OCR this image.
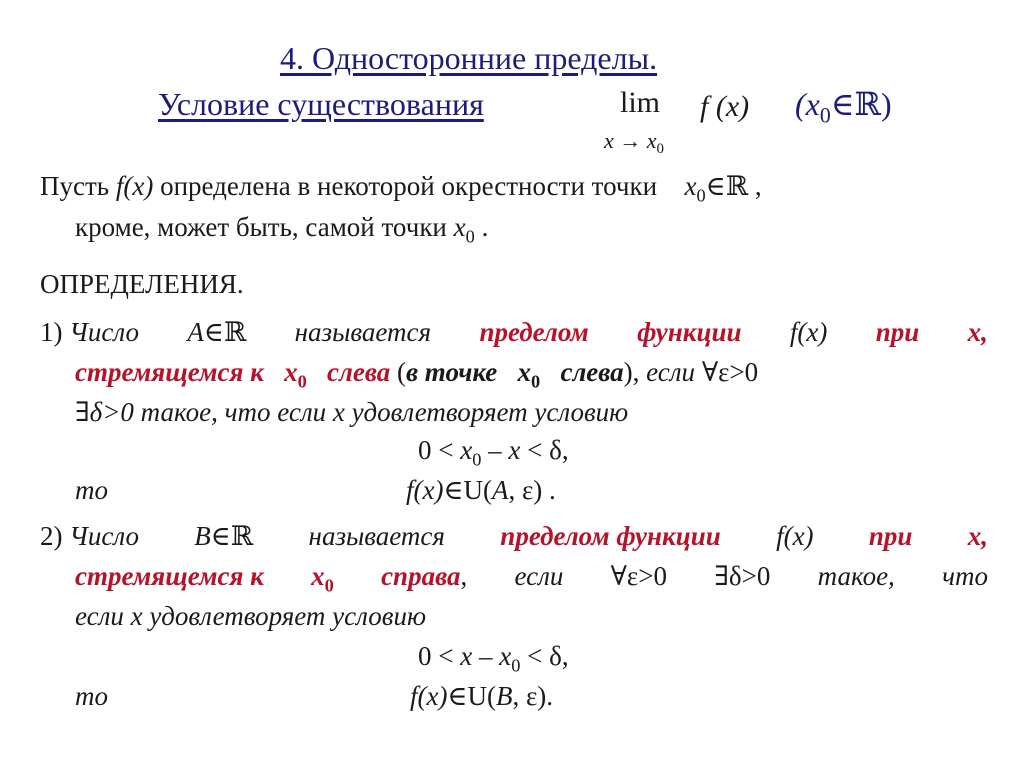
4. Односторонние пределы.
Условие существования	lim
$x \to x_0$
f (x) $(x_0\in ℝ)$
Пусть f(x) определена в некоторой окрестности точки  $x_0\in ℝ$ ,
кроме, может быть, самой точки $x_0$ .
ОПРЕДЕЛЕНИЯ.
1) Число A∈ℝ называется пределом функции f(x) при x,
стремящемся к $x_0$ слева (в точке $x_0$ слева), если ∀ε>0
∃δ>0 такое, что если x удовлетворяет условию
$0 < x_0 - x < \delta$,
то	f(x)∈U(A, ε) .
2) Число B∈ℝ называется пределом функции f(x) при x,
стремящемся к $x_0$ справа, если ∀ε>0 ∃δ>0 такое, что
если x удовлетворяет условию
$0 < x - x_0 < \delta$,
то	f(x)∈U(B, ε).
